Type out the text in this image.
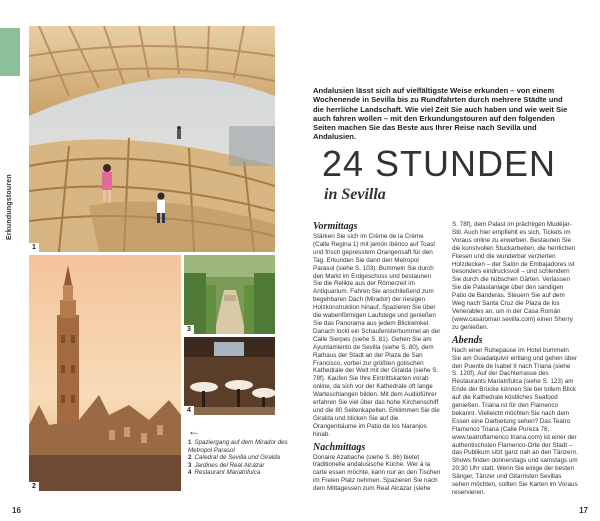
Erkundungstouren
1
2
3
4
←
1 Spaziergang auf dem Mirador des Metropol Parasol
2 Catedral de Sevilla und Giralda
3 Jardines del Real Alcázar
4 Restaurant Mariatrifulca
16	17
Andalusien lässt sich auf vielfältigste Weise erkunden – von einem Wochenende in Sevilla bis zu Rundfahrten durch mehrere Städte und die herrliche Landschaft. Wie viel Zeit Sie auch haben und wie weit Sie auch fahren wollen – mit den Erkundungstouren auf den folgenden Seiten machen Sie das Beste aus Ihrer Reise nach Sevilla und Andalusien.
24 STUNDEN
in Sevilla
Vormittags

Stärken Sie sich im Crème de la Crème (Calle Regina 1) mit jamón ibérico auf Toast und frisch gepresstem Orangensaft für den Tag. Erkunden Sie dann den Metropol Parasol (siehe S. 103): Bummeln Sie durch den Markt im Erdgeschoss und bestaunen Sie die Relikte aus der Römerzeit im Antiquarium. Fahren Sie anschließend zum begehbaren Dach (Mirador) der riesigen Holzkonstruktion hinauf. Spazieren Sie über die wabenförmigen Laufstege und genießen Sie das Panorama aus jedem Blickwinkel. Danach lockt ein Schaufensterbummel an der Calle Sierpes (siehe S. 81). Gehen Sie am Ayuntamiento de Sevilla (siehe S. 80), dem Rathaus der Stadt an der Plaza de San Francisco, vorbei zur größten gotischen Kathedrale der Welt mit der Giralda (siehe S. 78f). Kaufen Sie Ihre Eintrittskarten vorab online, da sich vor der Kathedrale oft lange Warteschlangen bilden. Mit dem Audioführer erfahren Sie viel über das hohe Kirchenschiff und die 80 Seitenkapellen. Erklimmen Sie die Giralda und blicken Sie auf die Orangenbäume im Patio de los Naranjos hinab.

Nachmittags

Donaire Azabache (siehe S. 86) bietet traditionelle andalusische Küche. Wer à la carte essen möchte, kann nur an den Tischen im Freien Platz nehmen. Spazieren Sie nach dem Mittagessen zum Real Alcázar (siehe

S. 78f), dem Palast im prächtigen Mudéjar-Stil. Auch hier empfiehlt es sich, Tickets im Voraus online zu erwerben. Bestaunen Sie die kunstvollen Stuckarbeiten, die herrlichen Fliesen und die wunderbar verzierten Holzdecken – der Salón de Embajadores ist besonders eindrucksvoll – und schlendern Sie durch die hübschen Gärten. Verlassen Sie die Palastanlage über den sandigen Patio de Banderas. Steuern Sie auf dem Weg nach Santa Cruz die Plaza de los Venerables an, um in der Casa Román (www.casaroman sevilla.com) einen Sherry zu genießen.

Abends

Nach einer Ruhepause im Hotel bummeln Sie am Guadalquivir entlang und gehen über den Puente de Isabel II nach Triana (siehe S. 120f). Auf der Dachterrasse des Restaurants Mariatrifulca (siehe S. 123) am Ende der Brücke können Sie bei tollem Blick auf die Kathedrale köstliches Seafood genießen. Triana ist für den Flamenco bekannt. Vielleicht möchten Sie nach dem Essen eine Darbietung sehen? Das Teatro Flamenco Triana (Calle Pureza 76, www.teatroflamenco triana.com) ist einer der authentischsten Flamenco-Orte der Stadt – das Publikum sitzt ganz nah an den Tänzern. Shows finden donnerstags und samstags um 20:30 Uhr statt. Wenn Sie einige der besten Sänger, Tänzer und Gitarristen Sevillas sehen möchten, sollten Sie Karten im Voraus reservieren.
